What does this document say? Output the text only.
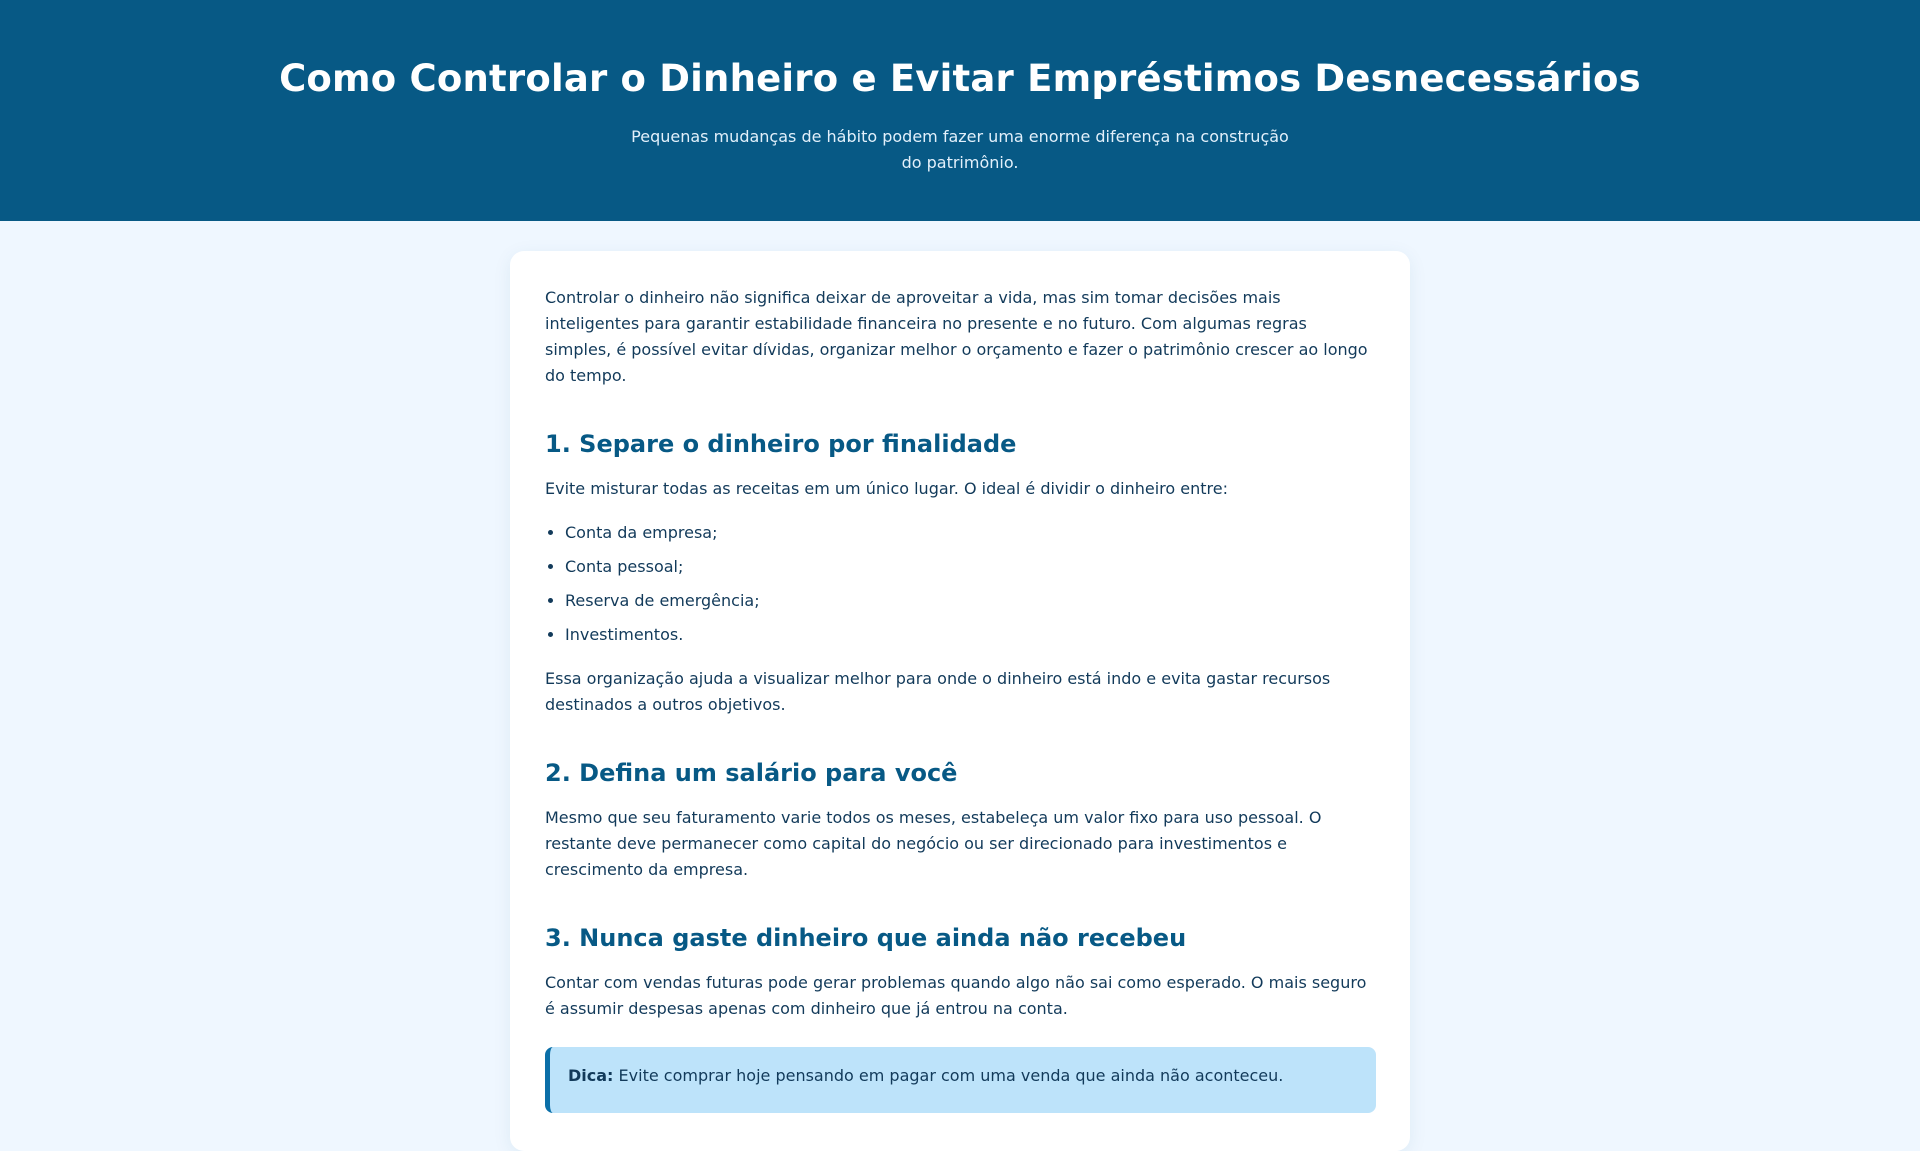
Como Controlar o Dinheiro e Evitar Empréstimos Desnecessários

Pequenas mudanças de hábito podem fazer uma enorme diferença na construção
do patrimônio.

Controlar o dinheiro não significa deixar de aproveitar a vida, mas sim tomar decisões mais inteligentes para garantir estabilidade financeira no presente e no futuro. Com algumas regras simples, é possível evitar dívidas, organizar melhor o orçamento e fazer o patrimônio crescer ao longo do tempo.

1. Separe o dinheiro por finalidade

Evite misturar todas as receitas em um único lugar. O ideal é dividir o dinheiro entre:

• Conta da empresa;
• Conta pessoal;
• Reserva de emergência;
• Investimentos.

Essa organização ajuda a visualizar melhor para onde o dinheiro está indo e evita gastar recursos destinados a outros objetivos.

2. Defina um salário para você

Mesmo que seu faturamento varie todos os meses, estabeleça um valor fixo para uso pessoal. O restante deve permanecer como capital do negócio ou ser direcionado para investimentos e crescimento da empresa.

3. Nunca gaste dinheiro que ainda não recebeu

Contar com vendas futuras pode gerar problemas quando algo não sai como esperado. O mais seguro é assumir despesas apenas com dinheiro que já entrou na conta.

Dica: Evite comprar hoje pensando em pagar com uma venda que ainda não aconteceu.
